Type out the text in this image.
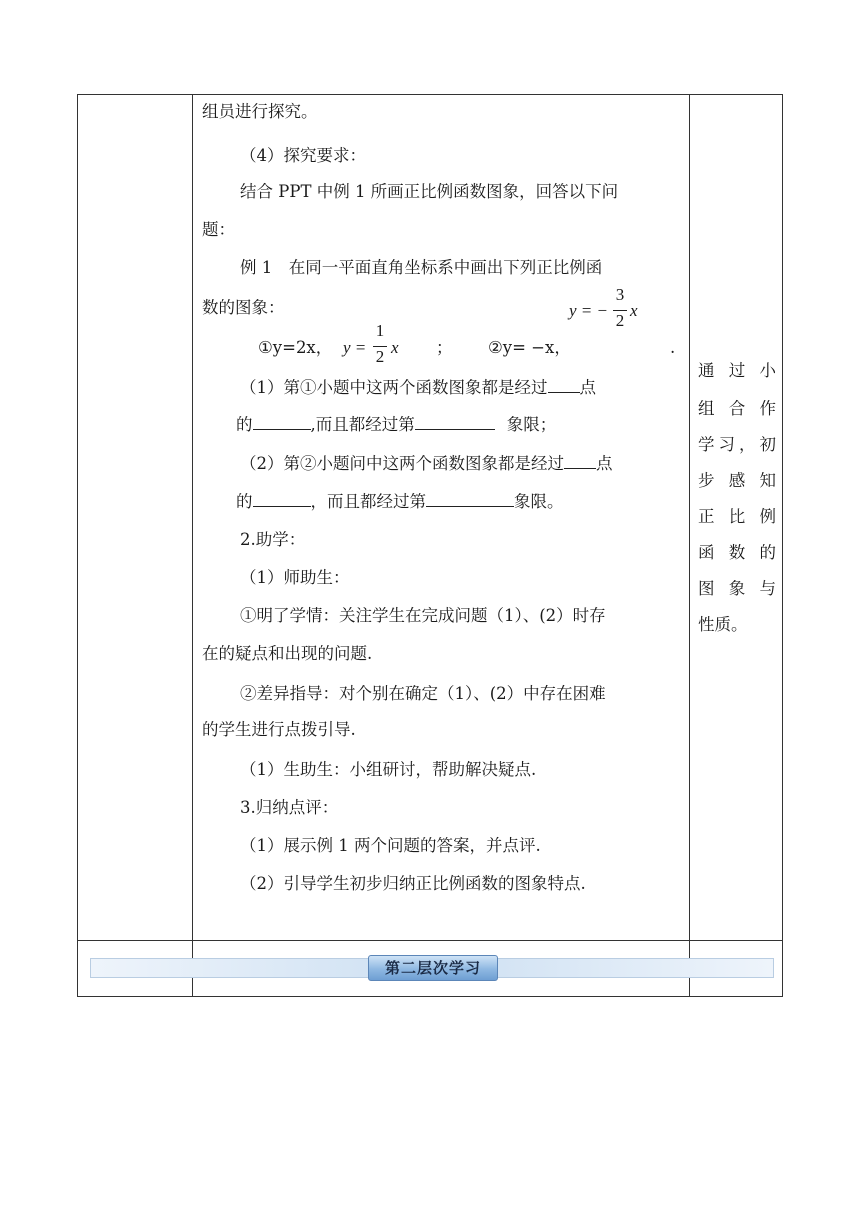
组员进行探究。
（4）探究要求：
结合 PPT 中例 1 所画正比例函数图象，回答以下问
题：
例 1　在同一平面直角坐标系中画出下列正比例函
数的图象：	y = −
3
2
x
①y=2x， y =
1
2 x ； ②y= −x，	.
（1）第①小题中这两个函数图象都是经过 点
的	,而且都经过第	象限；
（2）第②小题问中这两个函数图象都是经过 点
的	，而且都经过第	象限。
2.助学：
（1）师助生：
①明了学情：关注学生在完成问题（1）、(2）时存
在的疑点和出现的问题.
②差异指导：对个别在确定（1）、(2）中存在困难
的学生进行点拨引导.
（1）生助生：小组研讨，帮助解决疑点.
3.归纳点评：
（1）展示例 1 两个问题的答案，并点评.
（2）引导学生初步归纳正比例函数的图象特点.
通过小
组合作
学习，初
步感知
正比例
函数的
图象与
性质。
第二层次学习
